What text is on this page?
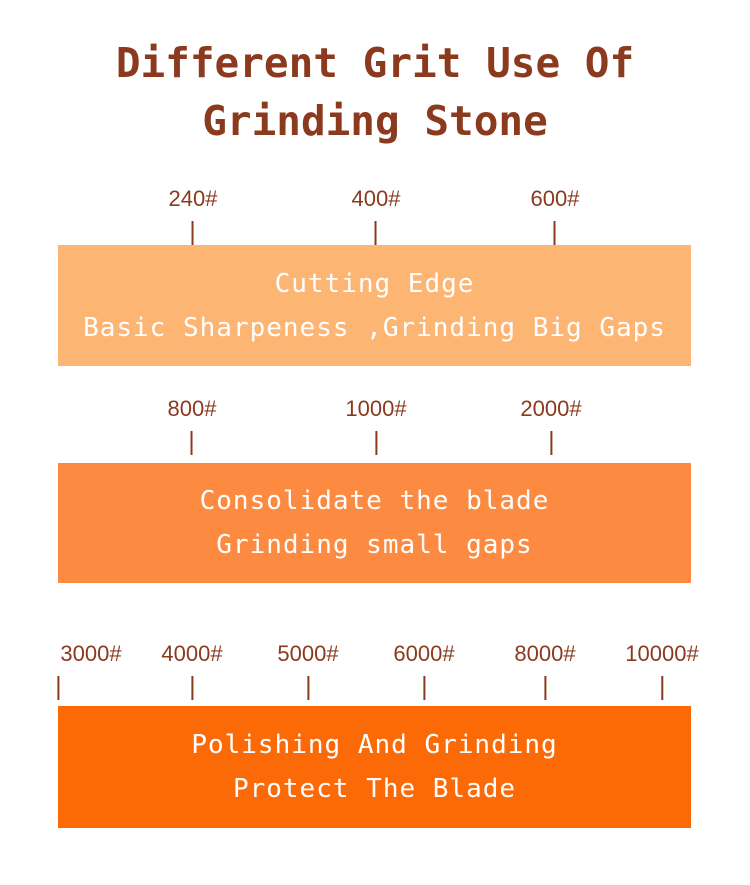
Different Grit Use Of
Grinding Stone
240#	400#	600#
Cutting Edge
Basic Sharpeness ,Grinding Big Gaps
800#	1000#	2000#
Consolidate the blade
Grinding small gaps
3000# 4000# 5000# 6000#	8000# 10000#
Polishing And Grinding
Protect The Blade
